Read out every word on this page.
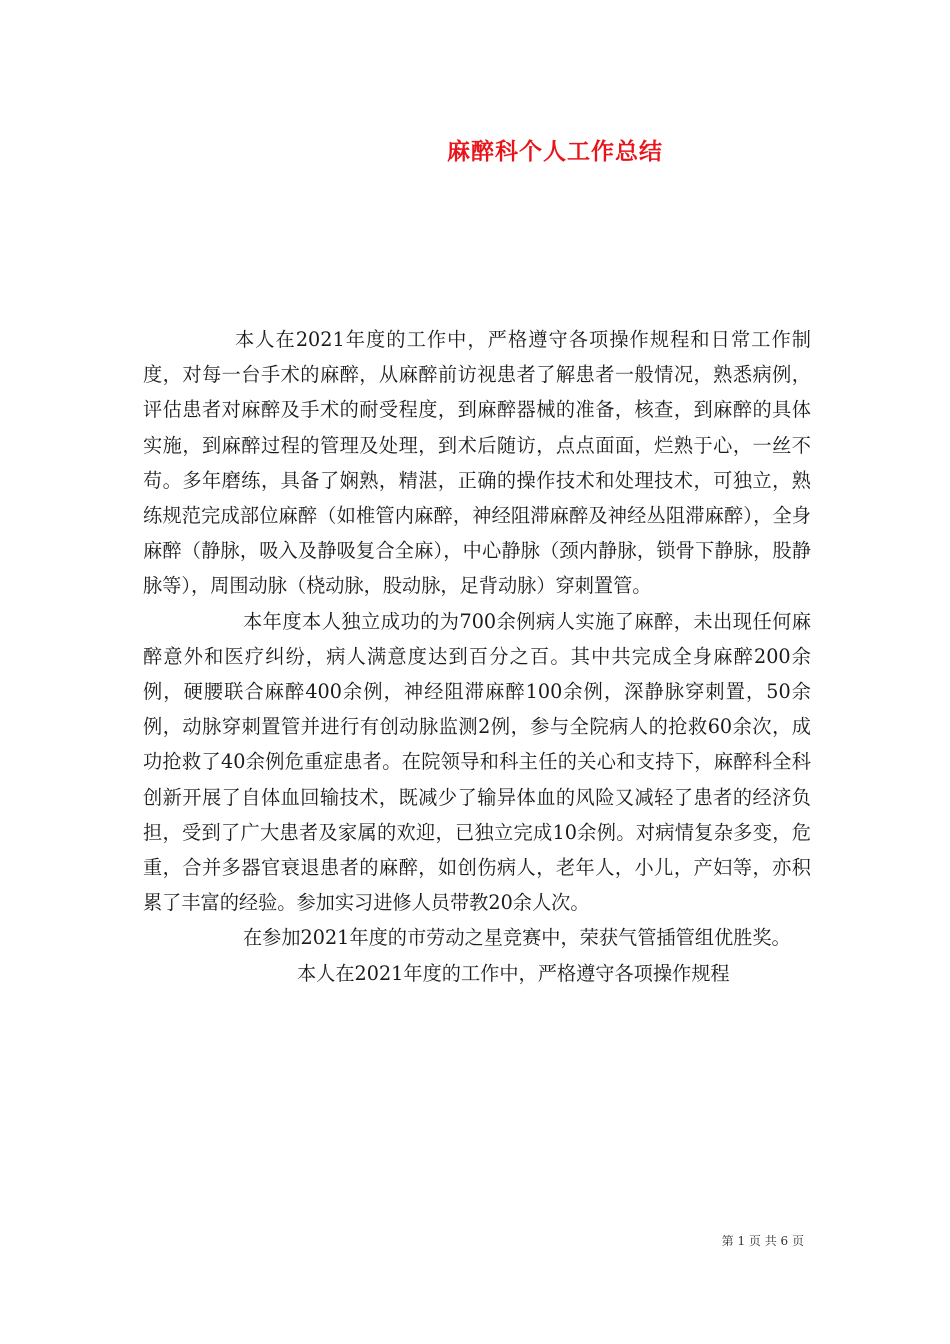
麻醉科个人工作总结

本人在2021年度的工作中，严格遵守各项操作规程和日常工作制度，对每一台手术的麻醉，从麻醉前访视患者了解患者一般情况，熟悉病例，评估患者对麻醉及手术的耐受程度，到麻醉器械的准备，核查，到麻醉的具体实施，到麻醉过程的管理及处理，到术后随访，点点面面，烂熟于心，一丝不苟。多年磨练，具备了娴熟，精湛，正确的操作技术和处理技术，可独立，熟练规范完成部位麻醉（如椎管内麻醉，神经阻滞麻醉及神经丛阻滞麻醉），全身麻醉（静脉，吸入及静吸复合全麻），中心静脉（颈内静脉，锁骨下静脉，股静脉等），周围动脉（桡动脉，股动脉，足背动脉）穿刺置管。

本年度本人独立成功的为700余例病人实施了麻醉，未出现任何麻醉意外和医疗纠纷，病人满意度达到百分之百。其中共完成全身麻醉200余例，硬腰联合麻醉400余例，神经阻滞麻醉100余例，深静脉穿刺置，50余例，动脉穿刺置管并进行有创动脉监测2例，参与全院病人的抢救60余次，成功抢救了40余例危重症患者。在院领导和科主任的关心和支持下，麻醉科全科创新开展了自体血回输技术，既减少了输异体血的风险又减轻了患者的经济负担，受到了广大患者及家属的欢迎，已独立完成10余例。对病情复杂多变，危重，合并多器官衰退患者的麻醉，如创伤病人，老年人，小儿，产妇等，亦积累了丰富的经验。参加实习进修人员带教20余人次。

在参加2021年度的市劳动之星竞赛中，荣获气管插管组优胜奖。

本人在2021年度的工作中，严格遵守各项操作规程

第 1 页 共 6 页
